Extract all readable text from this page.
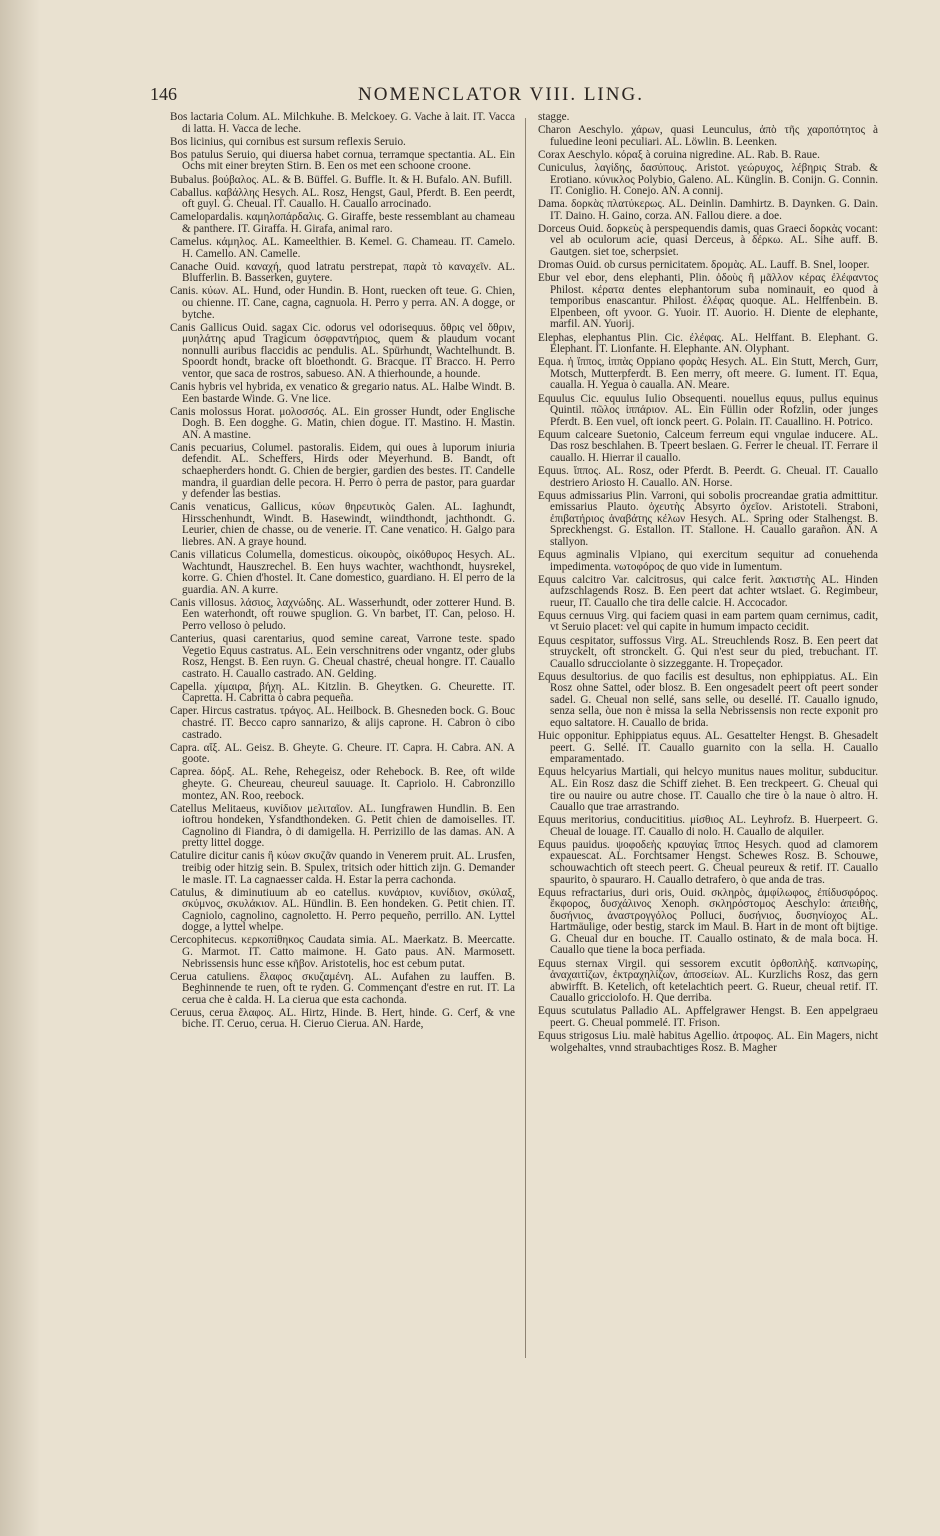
146	NOMENCLATOR VIII. LING.

Bos lactaria Colum. AL. Milchkuhe. B. Melckoey. G. Vache à lait. IT. Vacca di latta. H. Vacca de leche.

Bos licinius, qui cornibus est sursum reflexis Seruio.

Bos patulus Seruio, qui diuersa habet cornua, terramque spectantia. AL. Ein Ochs mit einer breyten Stirn. B. Een os met een schoone croone.

Bubalus. βούβαλος. AL. & B. Büffel. G. Buffle. It. & H. Bufalo. AN. Bufill.

Caballus. καβάλλης Hesych. AL. Rosz, Hengst, Gaul, Pferdt. B. Een peerdt, oft guyl. G. Cheual. IT. Cauallo. H. Cauallo arrocinado.

Camelopardalis. καμηλοπάρδαλις. G. Giraffe, beste ressemblant au chameau & panthere. IT. Giraffa. H. Girafa, animal raro.

Camelus. κάμηλος. AL. Kameelthier. B. Kemel. G. Chameau. IT. Camelo. H. Camello. AN. Camelle.

Canache Ouid. καναχή, quod latratu perstrepat, παρὰ τὸ καναχεῖν. AL. Blufferlin. B. Basserken, guytere.

Canis. κύων. AL. Hund, oder Hundin. B. Hont, ruecken oft teue. G. Chien, ou chienne. IT. Cane, cagna, cagnuola. H. Perro y perra. AN. A dogge, or bytche.

Canis Gallicus Ouid. sagax Cic. odorus vel odorisequus. ὄθρις vel ὄθριν, μυηλάτης apud Tragicum ὀσφραντήριος, quem & plaudum vocant nonnulli auribus flaccidis ac pendulis. AL. Spürhundt, Wachtelhundt. B. Spoordt hondt, bracke oft bloethondt. G. Bracque. IT Bracco. H. Perro ventor, que saca de rostros, sabueso. AN. A thierhounde, a hounde.

Canis hybris vel hybrida, ex venatico & gregario natus. AL. Halbe Windt. B. Een bastarde Winde. G. Vne lice.

Canis molossus Horat. μολοσσός. AL. Ein grosser Hundt, oder Englische Dogh. B. Een dogghe. G. Matin, chien dogue. IT. Mastino. H. Mastin. AN. A mastine.

Canis pecuarius, Columel. pastoralis. Eidem, qui oues à luporum iniuria defendit. AL. Scheffers, Hirds oder Meyerhund. B. Bandt, oft schaepherders hondt. G. Chien de bergier, gardien des bestes. IT. Candelle mandra, il guardian delle pecora. H. Perro ò perra de pastor, para guardar y defender las bestias.

Canis venaticus, Gallicus, κύων θηρευτικὸς Galen. AL. Iaghundt, Hirsschenhundt, Windt. B. Hasewindt, wiindthondt, jachthondt. G. Leurier, chien de chasse, ou de venerie. IT. Cane venatico. H. Galgo para liebres. AN. A graye hound.

Canis villaticus Columella, domesticus. οἰκουρὸς, οἰκόθυρος Hesych. AL. Wachtundt, Hauszrechel. B. Een huys wachter, wachthondt, huysrekel, korre. G. Chien d'hostel. It. Cane domestico, guardiano. H. El perro de la guardia. AN. A kurre.

Canis villosus. λάσιος, λαχνώδης. AL. Wasserhundt, oder zotterer Hund. B. Een waterhondt, oft rouwe spuglion. G. Vn barbet, IT. Can, peloso. H. Perro velloso ò peludo.

Canterius, quasi carentarius, quod semine careat, Varrone teste. spado Vegetio Equus castratus. AL. Eein verschnitrens oder vngantz, oder glubs Rosz, Hengst. B. Een ruyn. G. Cheual chastré, cheual hongre. IT. Cauallo castrato. H. Cauallo castrado. AN. Gelding.

Capella. χίμαιρα, βήχη. AL. Kitzlin. B. Gheytken. G. Cheurette. IT. Capretta. H. Cabritta ò cabra pequeña.

Caper. Hircus castratus. τράγος. AL. Heilbock. B. Ghesneden bock. G. Bouc chastré. IT. Becco capro sannarizo, & alijs caprone. H. Cabron ò cibo castrado.

Capra. αἴξ. AL. Geisz. B. Gheyte. G. Cheure. IT. Capra. H. Cabra. AN. A goote.

Caprea. δόρξ. AL. Rehe, Rehegeisz, oder Rehebock. B. Ree, oft wilde gheyte. G. Cheureau, cheureul sauuage. It. Capriolo. H. Cabronzillo montez, AN. Roo, reebock.

Catellus Melitaeus, κυνίδιον μελιταῖον. AL. Iungfrawen Hundlin. B. Een ioftrou hondeken, Ysfandthondeken. G. Petit chien de damoiselles. IT. Cagnolino di Fiandra, ò di damigella. H. Perrizillo de las damas. AN. A pretty littel dogge.

Catulire dicitur canis ἢ κύων σκυζᾶν quando in Venerem pruit. AL. Lrusfen, treibig oder hitzig sein. B. Spulex, tritsich oder hittich zijn. G. Demander le masle. IT. La cagnaesser calda. H. Estar la perra cachonda.

Catulus, & diminutiuum ab eo catellus. κυνάριον, κυνίδιον, σκύλαξ, σκύμνος, σκυλάκιον. AL. Hündlin. B. Een hondeken. G. Petit chien. IT. Cagniolo, cagnolino, cagnoletto. H. Perro pequeño, perrillo. AN. Lyttel dogge, a lyttel whelpe.

Cercophitecus. κερκοπίθηκος Caudata simia. AL. Maerkatz. B. Meercatte. G. Marmot. IT. Catto maimone. H. Gato paus. AN. Marmosett. Nebrissensis hunc esse κῆβον. Aristotelis, hoc est cebum putat.

Ceruа catuliens. ἔλαφος σκυζαμένη. AL. Aufahen zu lauffen. B. Beghinnende te ruen, oft te ryden. G. Commençant d'estre en rut. IT. La ceruа che è calda. H. La cierua que esta cachonda.

Ceruus, ceruа ἔλαφος. AL. Hirtz, Hinde. B. Hert, hinde. G. Cerf, & vne biche. IT. Ceruo, ceruа. H. Cieruo Cierua. AN. Harde,

stagge.

Charon Aeschylo. χάρων, quasi Leunculus, ἀπὸ τῆς χαροπότητος à fuluedine leoni peculiari. AL. Löwlin. B. Leenken.

Corax Aeschylo. κόραξ à coruina nigredine. AL. Rab. B. Raue.

Cuniculus, λαγίδης, δασύπους. Aristot. γεώρυχος, λέβηρις Strab. & Erotiano. κύνικλος Polybio, Galeno. AL. Künglin. B. Conijn. G. Connin. IT. Coniglio. H. Conejo. AN. A connij.

Dama. δορκὰς πλατύκερως. AL. Deinlin. Damhirtz. B. Daynken. G. Dain. IT. Daino. H. Gaino, corza. AN. Fallou diere. a doe.

Dorceus Ouid. δορκεὺς à perspequendis damis, quas Graeci δορκὰς vocant: vel ab oculorum acie, quasi Derceus, à δέρκω. AL. Sihe auff. B. Gautgen. siet toe, scherpsiet.

Dromas Ouid. ob cursus pernicitatem. δρομὰς. AL. Lauff. B. Snel, looper.

Ebur vel ebor, dens elephanti, Plin. ὀδοὺς ἢ μᾶλλον κέρας ἐλέφαντος Philost. κέρατα dentes elephantorum suba nominauit, eo quod à temporibus enascantur. Philost. ἐλέφας quoque. AL. Helffenbein. B. Elpenbeen, oft yvoor. G. Yuoir. IT. Auorio. H. Diente de elephante, marfil. AN. Yuorij.

Elephas, elephantus Plin. Cic. ἐλέφας. AL. Helffant. B. Elephant. G. Elephant. IT. Lionfante. H. Elephante. AN. Olyphant.

Equa. ἡ ἵππος, ἱππὰς Oppiano φορὰς Hesych. AL. Ein Stutt, Merch, Gurr, Motsch, Mutterpferdt. B. Een merry, oft meere. G. Iument. IT. Equa, caualla. H. Yegua ò caualla. AN. Meare.

Equulus Cic. equulus Iulio Obsequenti. nouellus equus, pullus equinus Quintil. πῶλος ἱππάριον. AL. Ein Füllin oder Rofzlin, oder junges Pferdt. B. Een vuel, oft ionck peert. G. Polain. IT. Cauallino. H. Potrico.

Equum calceare Suetonio, Calceum ferreum equi vngulae inducere. AL. Das rosz beschlahen. B. Tpeert beslaen. G. Ferrer le cheual. IT. Ferrare il cauallo. H. Hierrar il cauallo.

Equus. ἵππος. AL. Rosz, oder Pferdt. B. Peerdt. G. Cheual. IT. Cauallo destriero Ariosto H. Cauallo. AN. Horse.

Equus admissarius Plin. Varroni, qui sobolis procreandae gratia admittitur. emissarius Plauto. ὀχευτὴς Absyrto ὀχεῖον. Aristoteli. Straboni, ἐπιβατήριος ἀναβάτης κέλων Hesych. AL. Spring oder Stalhengst. B. Spreckhengst. G. Estallon. IT. Stallone. H. Cauallo garañon. AN. A stallyon.

Equus agminalis Vlpiano, qui exercitum sequitur ad conuehenda impedimenta. νωτοφόρος de quo vide in Iumentum.

Equus calcitro Var. calcitrosus, qui calce ferit. λακτιστὴς AL. Hinden aufzschlagends Rosz. B. Een peert dat achter wtslaet. G. Regimbeur, rueur, IT. Cauallo che tira delle calcie. H. Accocador.

Equus cernuus Virg. qui faciem quasi in eam partem quam cernimus, cadit, vt Seruio placet: vel qui capite in humum impacto cecidit.

Equus cespitator, suffossus Virg. AL. Streuchlends Rosz. B. Een peert dat struyckelt, oft stronckelt. G. Qui n'est seur du pied, trebuchant. IT. Cauallo sdrucciolante ò sizzeggante. H. Tropeçador.

Equus desultorius. de quo facilis est desultus, non ephippiatus. AL. Ein Rosz ohne Sattel, oder blosz. B. Een ongesadelt peert oft peert sonder sadel. G. Cheual non sellé, sans selle, ou desellé. IT. Cauallo ignudo, senza sella, òue non è missa la sella Nebrissensis non recte exponit pro equo saltatore. H. Cauallo de brida.

Huic opponitur. Ephippiatus equus. AL. Gesattelter Hengst. B. Ghesadelt peert. G. Sellé. IT. Cauallo guarnito con la sella. H. Cauallo emparamentado.

Equus helcyarius Martiali, qui helcyo munitus naues molitur, subducitur. AL. Ein Rosz dasz die Schiff ziehet. B. Een treckpeert. G. Cheual qui tire ou nauire ou autre chose. IT. Cauallo che tire ò la naue ò altro. H. Cauallo que trae arrastrando.

Equus meritorius, conducititius. μίσθιος AL. Leyhrofz. B. Huerpeert. G. Cheual de louage. IT. Cauallo di nolo. H. Cauallo de alquiler.

Equus pauidus. ψοφοδεὴς κραυγίας ἵππος Hesych. quod ad clamorem expauescat. AL. Forchtsamer Hengst. Schewes Rosz. B. Schouwe, schouwachtich oft steech peert. G. Cheual peureux & retif. IT. Cauallo spaurito, ò spauraro. H. Cauallo detrafero, ò que anda de tras.

Equus refractarius, duri oris, Ouid. σκληρὸς, ἀμφίλωφος, ἐπίδυσφόρος. ἔκφορος, δυσχάλινος Xenoph. σκληρόστομος Aeschylo: ἀπειθὴς, δυσήνιος, ἀναστρογγόλος Polluci, δυσήνιος, δυσηνίοχος AL. Hartmäulige, oder bestig, starck im Maul. B. Hart in de mont oft bijtige. G. Cheual dur en bouche. IT. Cauallo ostinato, & de mala boca. H. Cauallo que tiene la boca perfiada.

Equus sternax Virgil. qui sessorem excutit ὀρθοπλὴξ. καπνωρίης, ἀναχαιτίζων, ἐκτραχηλίζων, ἀποσείων. AL. Kurzlichs Rosz, das gern abwirfft. B. Ketelich, oft ketelachtich peert. G. Rueur, cheual retif. IT. Cauallo gricciolofo. H. Que derriba.

Equus scutulatus Palladio AL. Apffelgrawer Hengst. B. Een appelgraeu peert. G. Cheual pommelé. IT. Frison.

Equus strigosus Liu. malè habitus Agellio. ἀτροφος. AL. Ein Magers, nicht wolgehaltes, vnnd straubachtiges Rosz. B. Magher
